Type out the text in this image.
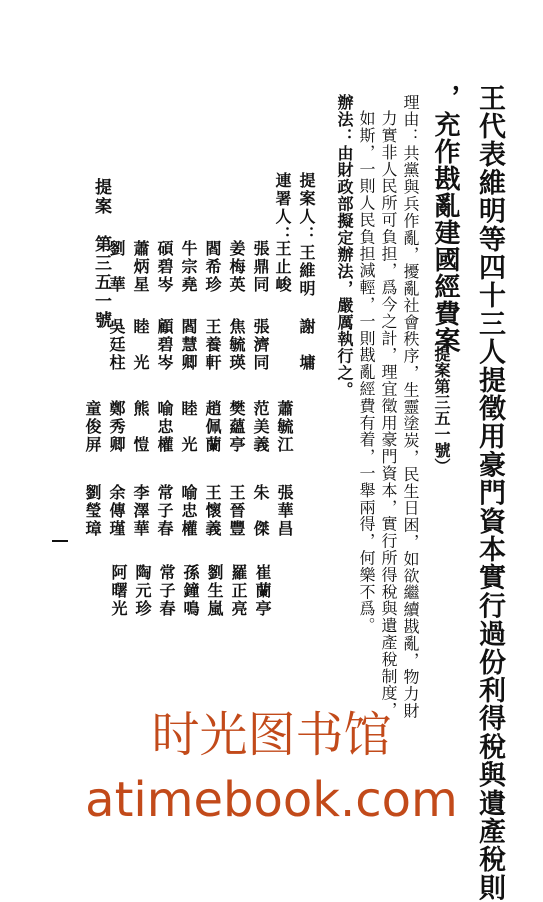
王代表維明等四十三人提徵用豪門資本實行過份利得稅與遺產稅則
，充作戡亂建國經費案
（提案第三五一號）
理由：共黨與兵作亂，擾亂社會秩序，生靈塗炭，民生日困，如欲繼續戡亂，物力財
力實非人民所可負担，爲今之計，理宜徵用豪門資本，實行所得稅與遺產稅制度，
如斯，一則人民負担減輕，一則戡亂經費有着，一舉兩得，何樂不爲。
辦法：由財政部擬定辦法，嚴厲執行之。
提案人：王維明
連署人：
王止峻
謝　墉
張鼎同
張濟同
蕭毓江
張華昌
崔蘭亭
姜梅英
焦毓瑛
范美義
朱　傑
羅正亮
閻希珍
王養軒
樊蘊亭
王晉豐
劉生嵐
牛宗堯
閻慧卿
趙佩蘭
王懷義
孫鐘鳴
碩碧岑
顧碧岑
睦　光
喻忠權
常子春
蕭炳星
睦　光
喻忠權
常子春
陶元珍
劉　華
吳廷柱
熊　愷
李澤華
阿曙光
鄭秀卿
余傳瑾
劉瑩璋
童俊屏
提案　第三五一號
时光图书馆atimebook.com
